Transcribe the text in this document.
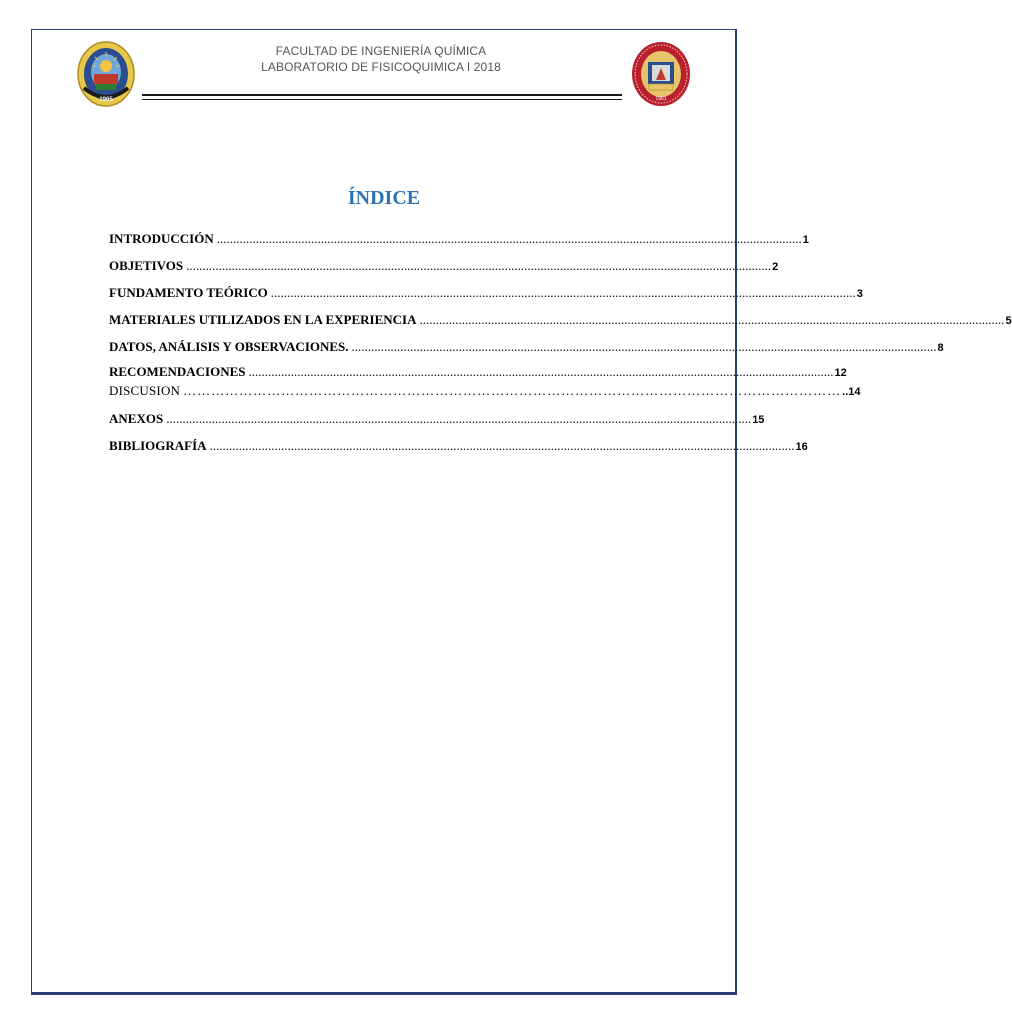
1965	1961
FACULTAD DE INGENIERÍA QUÍMICA
LABORATORIO DE FISICOQUIMICA I 2018
ÍNDICE
INTRODUCCIÓN .................................................................................................................................................................................... 1
OBJETIVOS .................................................................................................................................................................................... 2
FUNDAMENTO TEÓRICO .................................................................................................................................................................................... 3
MATERIALES UTILIZADOS EN LA EXPERIENCIA .................................................................................................................................................................................... 5
DATOS, ANÁLISIS Y OBSERVACIONES. .................................................................................................................................................................................... 8
RECOMENDACIONES .................................................................................................................................................................................... 12
DISCUSION …………………………………………………………………………………………………………………………… ..14
ANEXOS .................................................................................................................................................................................... 15
BIBLIOGRAFÍA .................................................................................................................................................................................... 16
